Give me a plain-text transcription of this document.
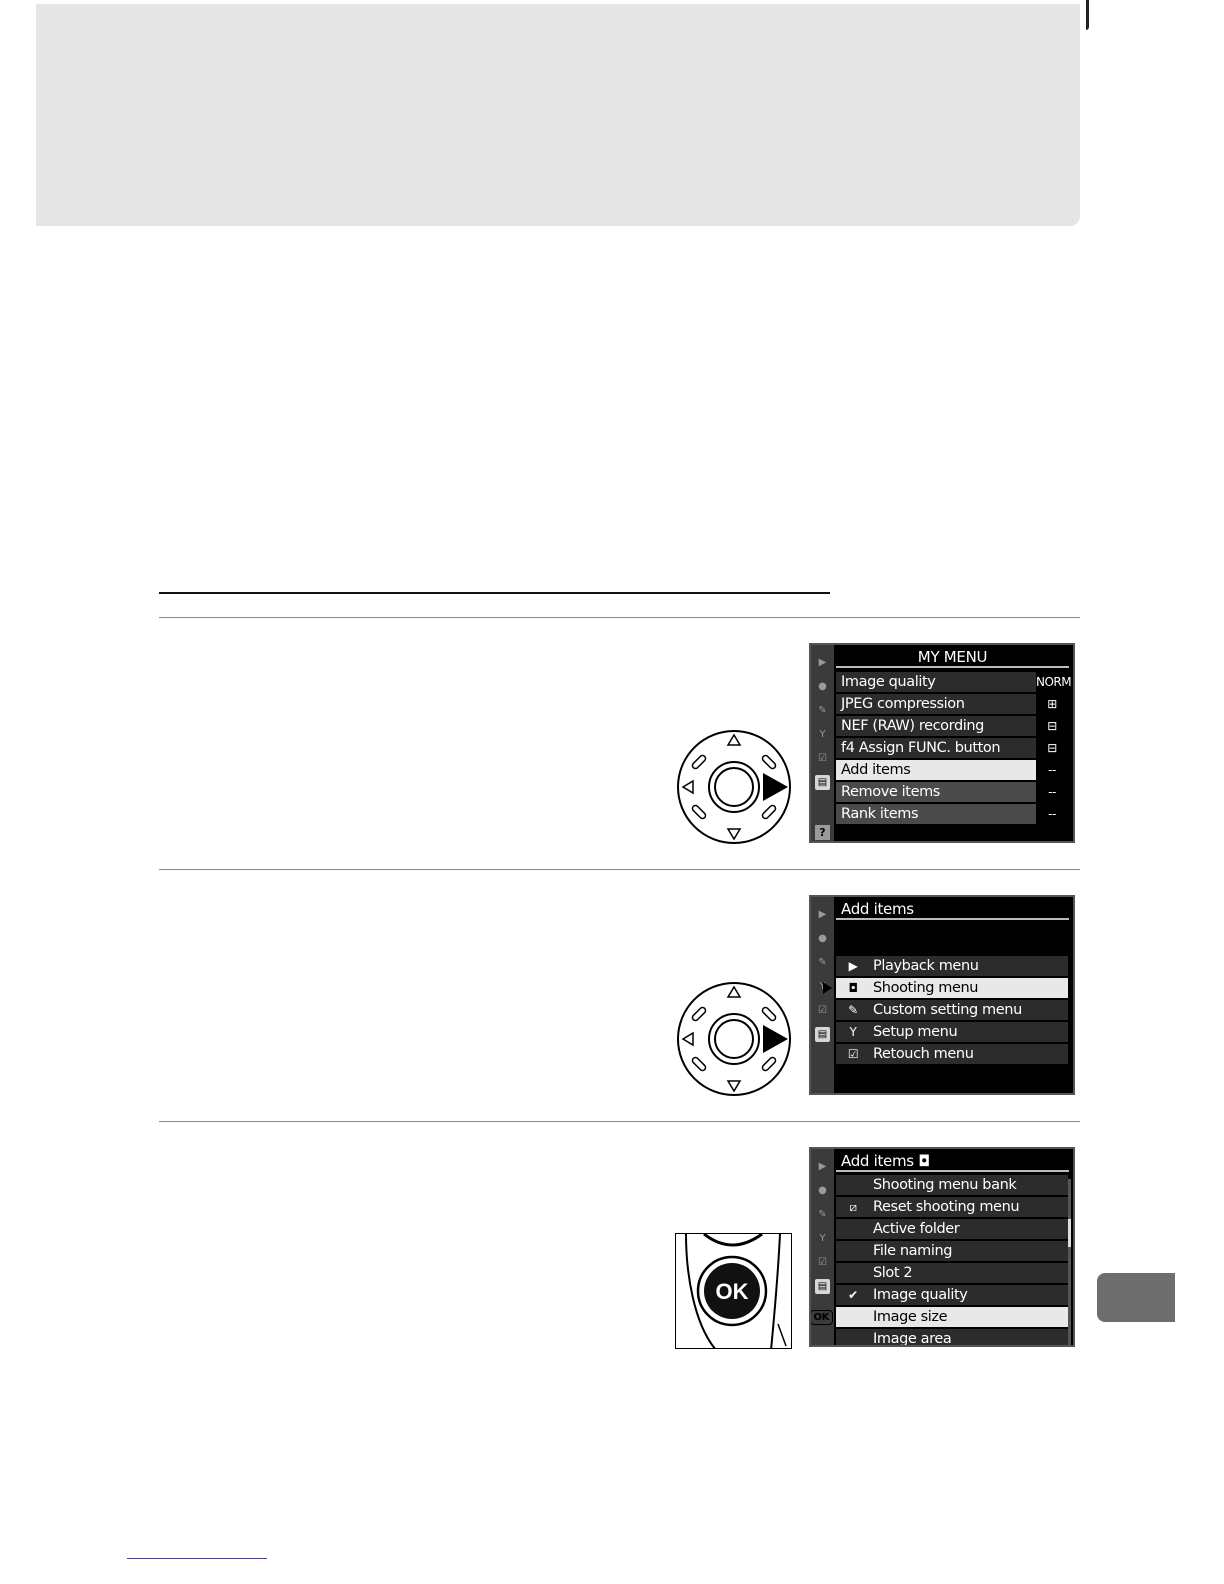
▶
●
✎
Y
☑
▤
?
MY MENU
Image quality	NORM
JPEG compression	⊞
NEF (RAW) recording	⊟
f4 Assign FUNC. button	⊟
Add items	--
Remove items	--
Rank items	--
▶
●
✎
Y
☑
▤
Add items
▶	Playback menu
◘	Shooting menu
✎ Custom setting menu
Y	Setup menu
☑ Retouch menu
OK
▶
●
✎
Y
☑
▤
Add items ◘
Shooting menu bank
⧄	Reset shooting menu
Active folder
File naming
Slot 2
✔ Image quality
Image size
OK
Image area
